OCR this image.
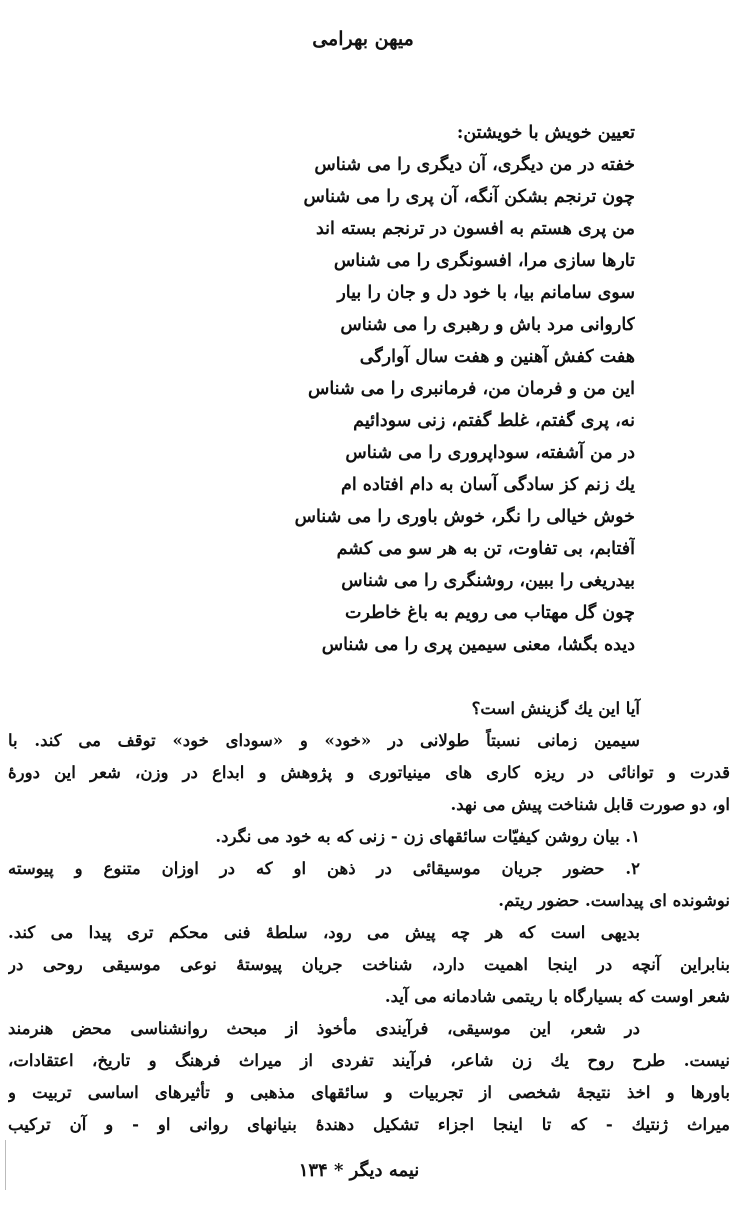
میهن بهرامی
تعیین خویش با خویشتن:
خفته در من دیگری، آن دیگری را می شناس
چون ترنجم بشکن آنگه، آن پری را می شناس
من پری هستم به افسون در ترنجم بسته اند
تارها سازی مرا، افسونگری را می شناس
سوی سامانم بیا، با خود دل و جان را بیار
کاروانی مرد باش و رهبری را می شناس
هفت کفش آهنین و هفت سال آوارگی
این من و فرمان من، فرمانبری را می شناس
نه، پری گفتم، غلط گفتم، زنی سودائیم
در من آشفته، سوداپروری را می شناس
یك زنم كز سادگی آسان به دام افتاده ام
خوش خیالی را نگر، خوش باوری را می شناس
آفتابم، بی تفاوت، تن به هر سو می کشم
بیدریغی را ببین، روشنگری را می شناس
چون گل مهتاب می رویم به باغ خاطرت
دیده بگشا، معنی سیمین پری را می شناس
آیا این یك گزینش است؟
سیمین زمانی نسبتاً طولانی در «خود» و «سودای خود» توقف می کند. با
قدرت و توانائی در ریزه کاری های مینیاتوری و پژوهش و ابداع در وزن، شعر این دورهٔ
او، دو صورت قابل شناخت پیش می نهد.
۱. بیان روشن کیفیّات سائقهای زن - زنی که به خود می نگرد.
۲. حضور جریان موسیقائی در ذهن او که در اوزان متنوع و پیوسته
نوشونده ای پیداست. حضور ریتم.
بدیهی است که هر چه پیش می رود، سلطهٔ فنی محکم تری پیدا می کند.
بنابراین آنچه در اینجا اهمیت دارد، شناخت جریان پیوستهٔ نوعی موسیقی روحی در
شعر اوست که بسیارگاه با ریتمی شادمانه می آید.
در شعر، این موسیقی، فرآیندی مأخوذ از مبحث روانشناسی محض هنرمند
نیست. طرح روح یك زن شاعر، فرآیند تفردی از میراث فرهنگ و تاریخ، اعتقادات،
باورها و اخذ نتیجهٔ شخصی از تجربیات و سائقهای مذهبی و تأثیرهای اساسی تربیت و
میراث ژنتیك - كه تا اینجا اجزاء تشكیل دهندهٔ بنیانهای روانی او - و آن تركیب
نیمه دیگر * ۱۳۴
